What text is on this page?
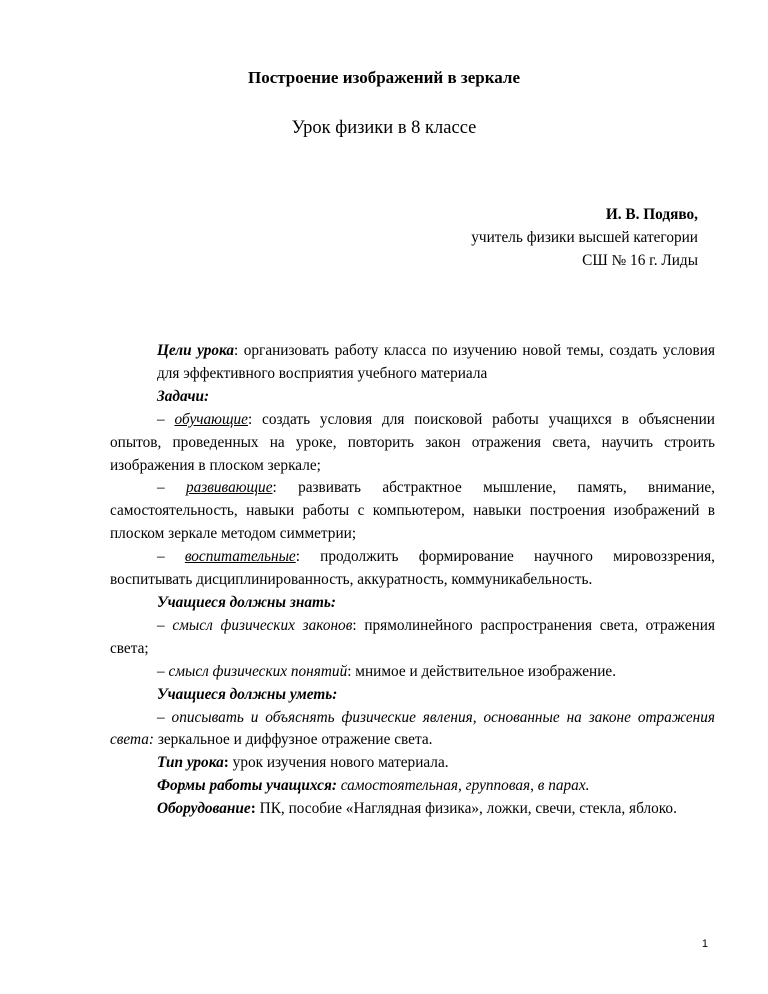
Построение изображений в зеркале
Урок физики в 8 классе
И. В. Подяво,
учитель физики высшей категории
СШ № 16 г. Лиды

Цели урока: организовать работу класса по изучению новой темы, создать условия для эффективного восприятия учебного материала

Задачи:

– обучающие: создать условия для поисковой работы учащихся в объяснении опытов, проведенных на уроке, повторить закон отражения света, научить строить изображения в плоском зеркале;

– развивающие: развивать абстрактное мышление, память, внимание, самостоятельность, навыки работы с компьютером, навыки построения изображений в плоском зеркале методом симметрии;

– воспитательные: продолжить формирование научного мировоззрения, воспитывать дисциплинированность, аккуратность, коммуникабельность.

Учащиеся должны знать:

– смысл физических законов: прямолинейного распространения света, отражения света;

– смысл физических понятий: мнимое и действительное изображение.

Учащиеся должны уметь:

– описывать и объяснять физические явления, основанные на законе отражения света: зеркальное и диффузное отражение света.

Тип урока: урок изучения нового материала.

Формы работы учащихся: самостоятельная, групповая, в парах.

Оборудование: ПК, пособие «Наглядная физика», ложки, свечи, стекла, яблоко.

1
